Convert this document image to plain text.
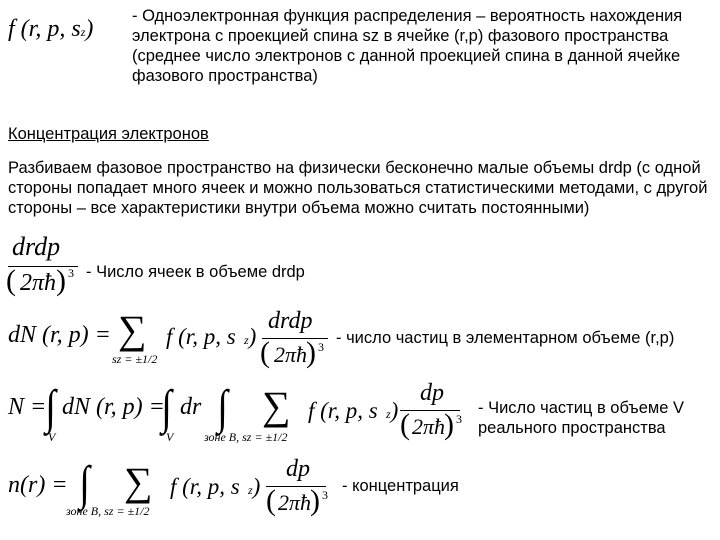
f (r, p, sz) - Одноэлектронная функция распределения – вероятность нахождения электрона с проекцией спина sz в ячейке (r,p) фазового пространства (среднее число электронов с данной проекцией спина в данной ячейке фазового пространства)
Концентрация электронов
Разбиваем фазовое пространство на физически бесконечно малые объемы drdp (с одной стороны попадает много ячеек и можно пользоваться статистическими методами, с другой стороны – все характеристики внутри объема можно считать постоянными)
drdp
( 2πħ ) 3 - Число ячеек в объеме drdp
dN (r, p) = ∑
sz = ±1/2
f (r, p, s z)
drdp
( 2πħ
) 3 - число частиц в элементарном объеме (r,p)
N = ∫
V
dN (r, p) =
∫
V
dr ∫ ∑
зоне B, sz = ±1/2
f (r, p, s z)
dp
( 2πħ
) 3
- Число частиц в объеме V реального пространства
n(r) = ∫ ∑
зоне B, sz = ±1/2
f (r, p, s z)
dp
( 2πħ
) 3 - концентрация
